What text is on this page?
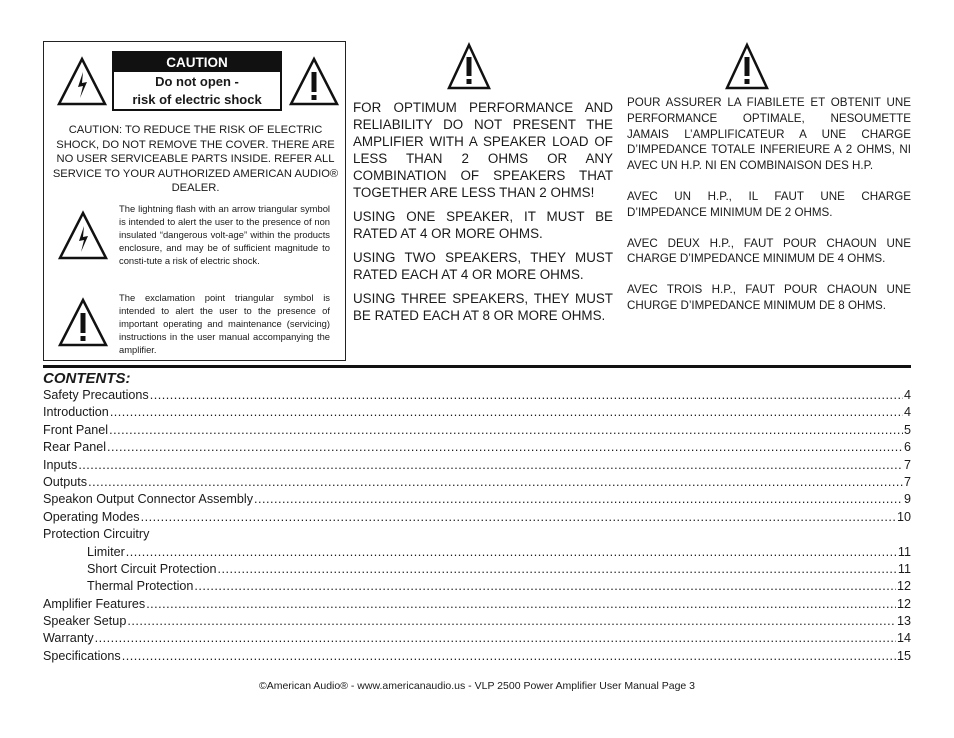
CAUTION
Do not open -
risk of electric shock
CAUTION: TO REDUCE THE RISK OF ELECTRIC SHOCK, DO NOT REMOVE THE COVER. THERE ARE NO USER SERVICEABLE PARTS INSIDE. REFER ALL SERVICE TO YOUR AUTHORIZED AMERICAN AUDIO® DEALER.
The lightning flash with an arrow triangular symbol is intended to alert the user to the presence of non insulated “dangerous volt-age” within the products enclosure, and may be of sufficient magnitude to consti-tute a risk of electric shock.
The exclamation point triangular symbol is intended to alert the user to the presence of important operating and maintenance (servicing) instructions in the user manual accompanying the amplifier.

FOR OPTIMUM PERFORMANCE AND RELIABILITY DO NOT PRESENT THE AMPLIFIER WITH A SPEAKER LOAD OF LESS THAN 2 OHMS OR ANY COMBINATION OF SPEAKERS THAT TOGETHER ARE LESS THAN 2 OHMS!

USING ONE SPEAKER, IT MUST BE RATED AT 4 OR MORE OHMS.

USING TWO SPEAKERS, THEY MUST RATED EACH AT 4 OR MORE OHMS.

USING THREE SPEAKERS, THEY MUST BE RATED EACH AT 8 OR MORE OHMS.

POUR ASSURER LA FIABILETE ET OBTENIT UNE PERFORMANCE OPTIMALE, NESOUMETTE JAMAIS L’AMPLIFICATEUR A UNE CHARGE D’IMPEDANCE TOTALE INFERIEURE A 2 OHMS, NI AVEC UN H.P. NI EN COMBINAISON DES H.P.

AVEC UN H.P., IL FAUT UNE CHARGE D’IMPEDANCE MINIMUM DE 2 OHMS.

AVEC DEUX H.P., FAUT POUR CHAOUN UNE CHARGE D’IMPEDANCE MINIMUM DE 4 OHMS.

AVEC TROIS H.P., FAUT POUR CHAOUN UNE CHURGE D’IMPEDANCE MINIMUM DE 8 OHMS.

CONTENTS:
Safety Precautions .....	4
Introduction .....	4
Front Panel .....	5
Rear Panel .....	6
Inputs .....	7
Outputs .....	7
Speakon Output Connector Assembly .....	9
Operating Modes .....	10
Protection Circuitry
Limiter .....	11
Short Circuit Protection .....	11
Thermal Protection .....	12
Amplifier Features .....	12
Speaker Setup .....	13
Warranty .....	14
Specifications .....	15
©American Audio® - www.americanaudio.us - VLP 2500 Power Amplifier User Manual Page 3
